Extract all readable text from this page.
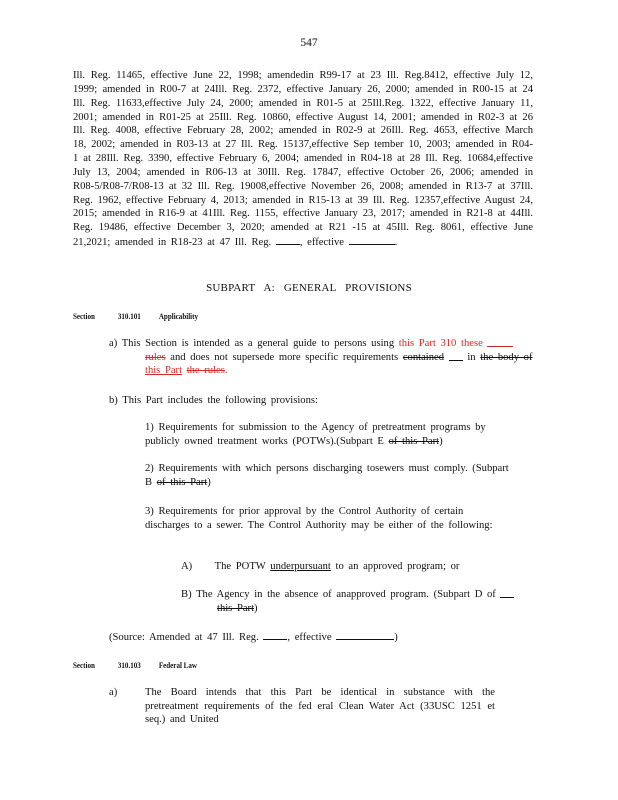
547
Ill. Reg. 11465, effective June 22, 1998; amendedin R99-17 at 23 Ill. Reg.8412, effective July 12, 1999; amended in R00-7 at 24Ill. Reg. 2372, effective January 26, 2000; amended in R00-15 at 24 Ill. Reg. 11633,effective July 24, 2000; amended in R01-5 at 25Ill.Reg. 1322, effective January 11, 2001; amended in R01-25 at 25Ill. Reg. 10860, effective August 14, 2001; amended in R02-3 at 26 Ill. Reg. 4008, effective February 28, 2002; amended in R02-9 at 26Ill. Reg. 4653, effective March 18, 2002; amended in R03-13 at 27 Ill. Reg. 15137,effective Sep tember 10, 2003; amended in R04-1 at 28Ill. Reg. 3390, effective February 6, 2004; amended in R04-18 at 28 Ill. Reg. 10684,effective July 13, 2004; amended in R06-13 at 30Ill. Reg. 17847, effective October 26, 2006; amended in R08-5/R08-7/R08-13 at 32 Ill. Reg. 19008,effective November 26, 2008; amended in R13-7 at 37Ill. Reg. 1962, effective February 4, 2013; amended in R15-13 at 39 Ill. Reg. 12357,effective August 24, 2015; amended in R16-9 at 41Ill. Reg. 1155, effective January 23, 2017; amended in R21-8 at 44Ill. Reg. 19486, effective December 3, 2020; amended at R21 -15 at 45Ill. Reg. 8061, effective June 21,2021; amended in R18-23 at 47 Ill. Reg.	, effective	.
SUBPART A: GENERAL PROVISIONS
Section	310.101 Applicability
a) This Section is intended as a general guide to persons using this Part 310 these
rules and does not supersede more specific requirements contained in the body of
this Part the rules.
b) This Part includes the following provisions:
1) Requirements for submission to the Agency of pretreatment programs by publicly owned treatment works (POTWs).(Subpart E of this Part)
2) Requirements with which persons discharging tosewers must comply. (Subpart B of this Part)
3) Requirements for prior approval by the Control Authority of certain discharges to a sewer. The Control Authority may be either of the following:
A) The POTW underpursuant to an approved program; or
B) The Agency in the absence of anapproved program. (Subpart D of
this Part)
(Source: Amended at 47 Ill. Reg.	, effective	)
Section	310.103 Federal Law
a)	The Board intends that this Part be identical in substance with the pretreatment requirements of the fed eral Clean Water Act (33USC 1251 et seq.) and United
